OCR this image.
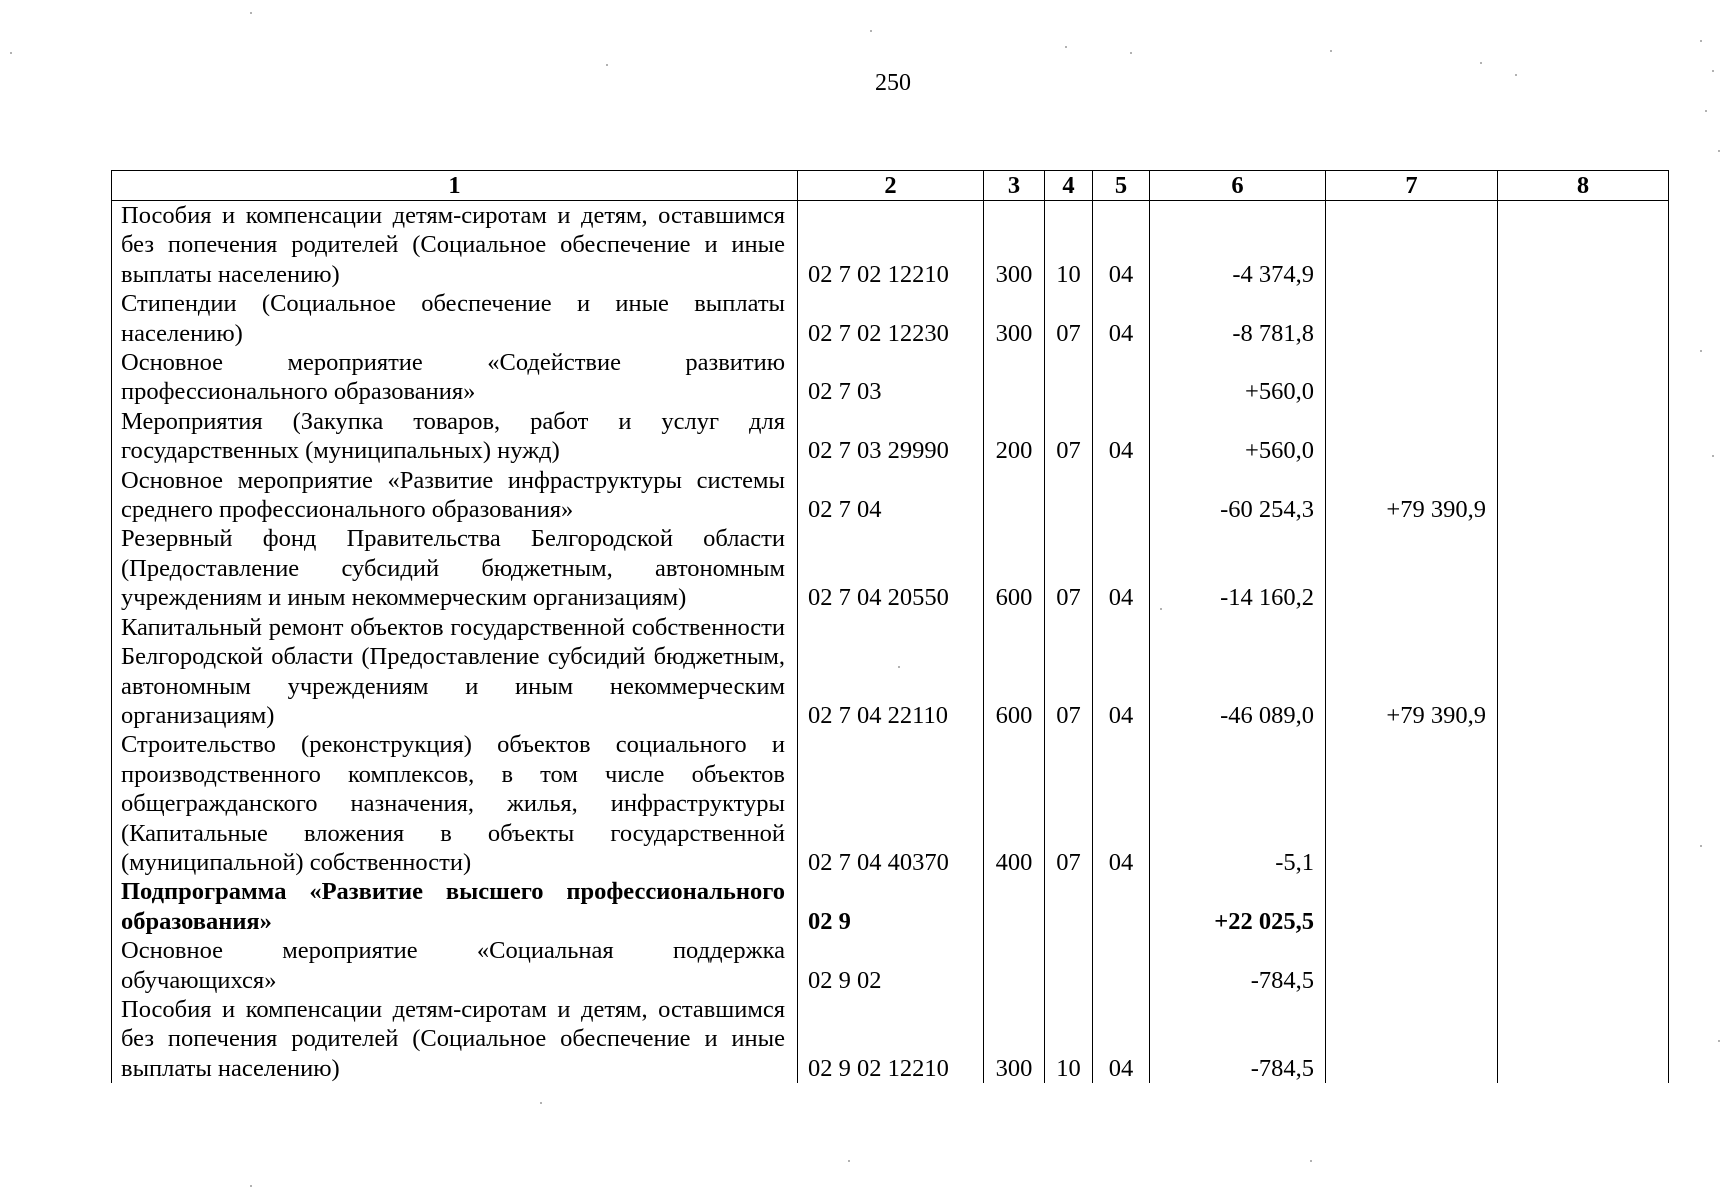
250
1	2	3	4	5	6	7	8
Пособия и компенсации детям-сиротам и детям, оставшимся без попечения родителей (Социальное обеспечение и иные выплаты населению)	02 7 02 12210	300	10	04	-4 374,9		
Стипендии (Социальное обеспечение и иные выплаты населению)	02 7 02 12230	300	07	04	-8 781,8		
Основное мероприятие «Содействие развитию профессионального образования»	02 7 03				+560,0		
Мероприятия (Закупка товаров, работ и услуг для государственных (муниципальных) нужд)	02 7 03 29990	200	07	04	+560,0		
Основное мероприятие «Развитие инфраструктуры системы среднего профессионального образования»	02 7 04				-60 254,3	+79 390,9	
Резервный фонд Правительства Белгородской области (Предоставление субсидий бюджетным, автономным учреждениям и иным некоммерческим организациям)	02 7 04 20550	600	07	04	-14 160,2		
Капитальный ремонт объектов государственной собственности Белгородской области (Предоставление субсидий бюджетным, автономным учреждениям и иным некоммерческим организациям)	02 7 04 22110	600	07	04	-46 089,0	+79 390,9	
Строительство (реконструкция) объектов социального и производственного комплексов, в том числе объектов общегражданского назначения, жилья, инфраструктуры (Капитальные вложения в объекты государственной (муниципальной) собственности)	02 7 04 40370	400	07	04	-5,1		
Подпрограмма «Развитие высшего профессионального образования»	02 9				+22 025,5		
Основное мероприятие «Социальная поддержка обучающихся»	02 9 02				-784,5		
Пособия и компенсации детям-сиротам и детям, оставшимся без попечения родителей (Социальное обеспечение и иные выплаты населению)	02 9 02 12210	300	10	04	-784,5		
